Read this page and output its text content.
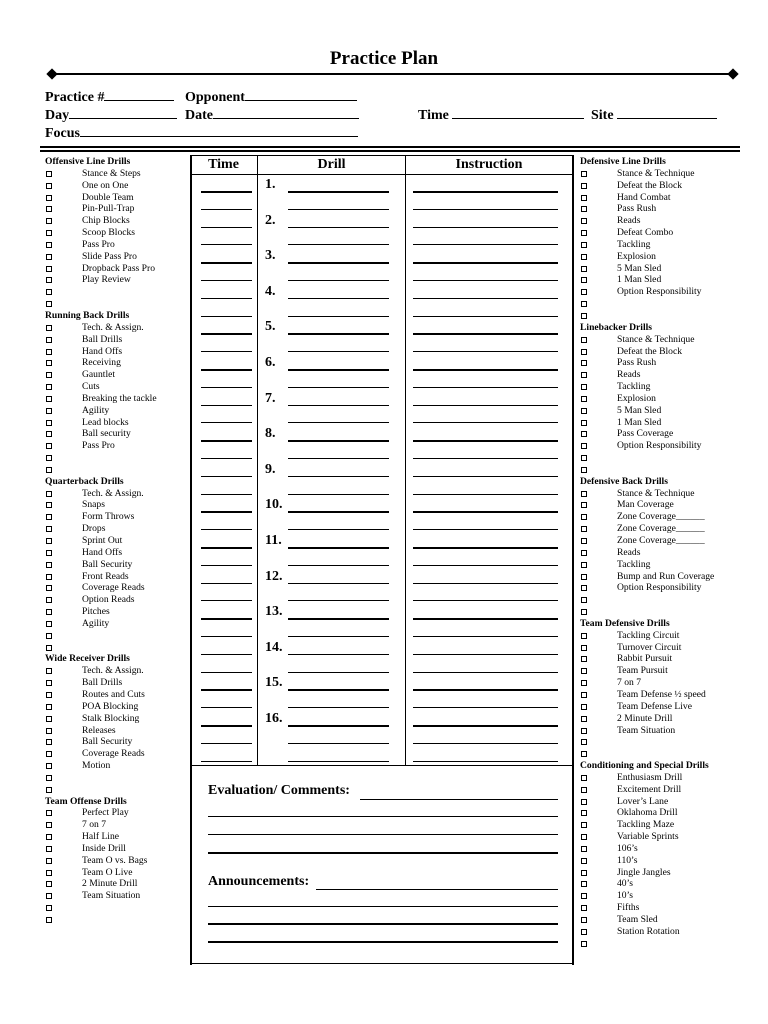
Practice Plan
Practice #	Opponent
Day	Date	Time	Site
Focus
Offensive Line Drills
Stance & Steps
One on One
Double Team
Pin-Pull-Trap
Chip Blocks
Scoop Blocks
Pass Pro
Slide Pass Pro
Dropback Pass Pro
Play Review
Running Back Drills
Tech. & Assign.
Ball Drills
Hand Offs
Receiving
Gauntlet
Cuts
Breaking the tackle
Agility
Lead blocks
Ball security
Pass Pro
Quarterback Drills
Tech. & Assign.
Snaps
Form Throws
Drops
Sprint Out
Hand Offs
Ball Security
Front Reads
Coverage Reads
Option Reads
Pitches
Agility
Wide Receiver Drills
Tech. & Assign.
Ball Drills
Routes and Cuts
POA Blocking
Stalk Blocking
Releases
Ball Security
Coverage Reads
Motion
Team Offense Drills
Perfect Play
7 on 7
Half Line
Inside Drill
Team O vs. Bags
Team O Live
2 Minute Drill
Team Situation
Defensive Line Drills
Stance & Technique
Defeat the Block
Hand Combat
Pass Rush
Reads
Defeat Combo
Tackling
Explosion
5 Man Sled
1 Man Sled
Option Responsibility
Linebacker Drills
Stance & Technique
Defeat the Block
Pass Rush
Reads
Tackling
Explosion
5 Man Sled
1 Man Sled
Pass Coverage
Option Responsibility
Defensive Back Drills
Stance & Technique
Man Coverage
Zone Coverage______
Zone Coverage______
Zone Coverage______
Reads
Tackling
Bump and Run Coverage
Option Responsibility
Team Defensive Drills
Tackling Circuit
Turnover Circuit
Rabbit Pursuit
Team Pursuit
7 on 7
Team Defense ½ speed
Team Defense Live
2 Minute Drill
Team Situation
Conditioning and Special Drills
Enthusiasm Drill
Excitement Drill
Lover’s Lane
Oklahoma Drill
Tackling Maze
Variable Sprints
106’s
110’s
Jingle Jangles
40’s
10’s
Fifths
Team Sled
Station Rotation
Time	Drill	Instruction
1.
2.
3.
4.
5.
6.
7.
8.
9.
10.
11.
12.
13.
14.
15.
16.
Evaluation/ Comments:
Announcements:
